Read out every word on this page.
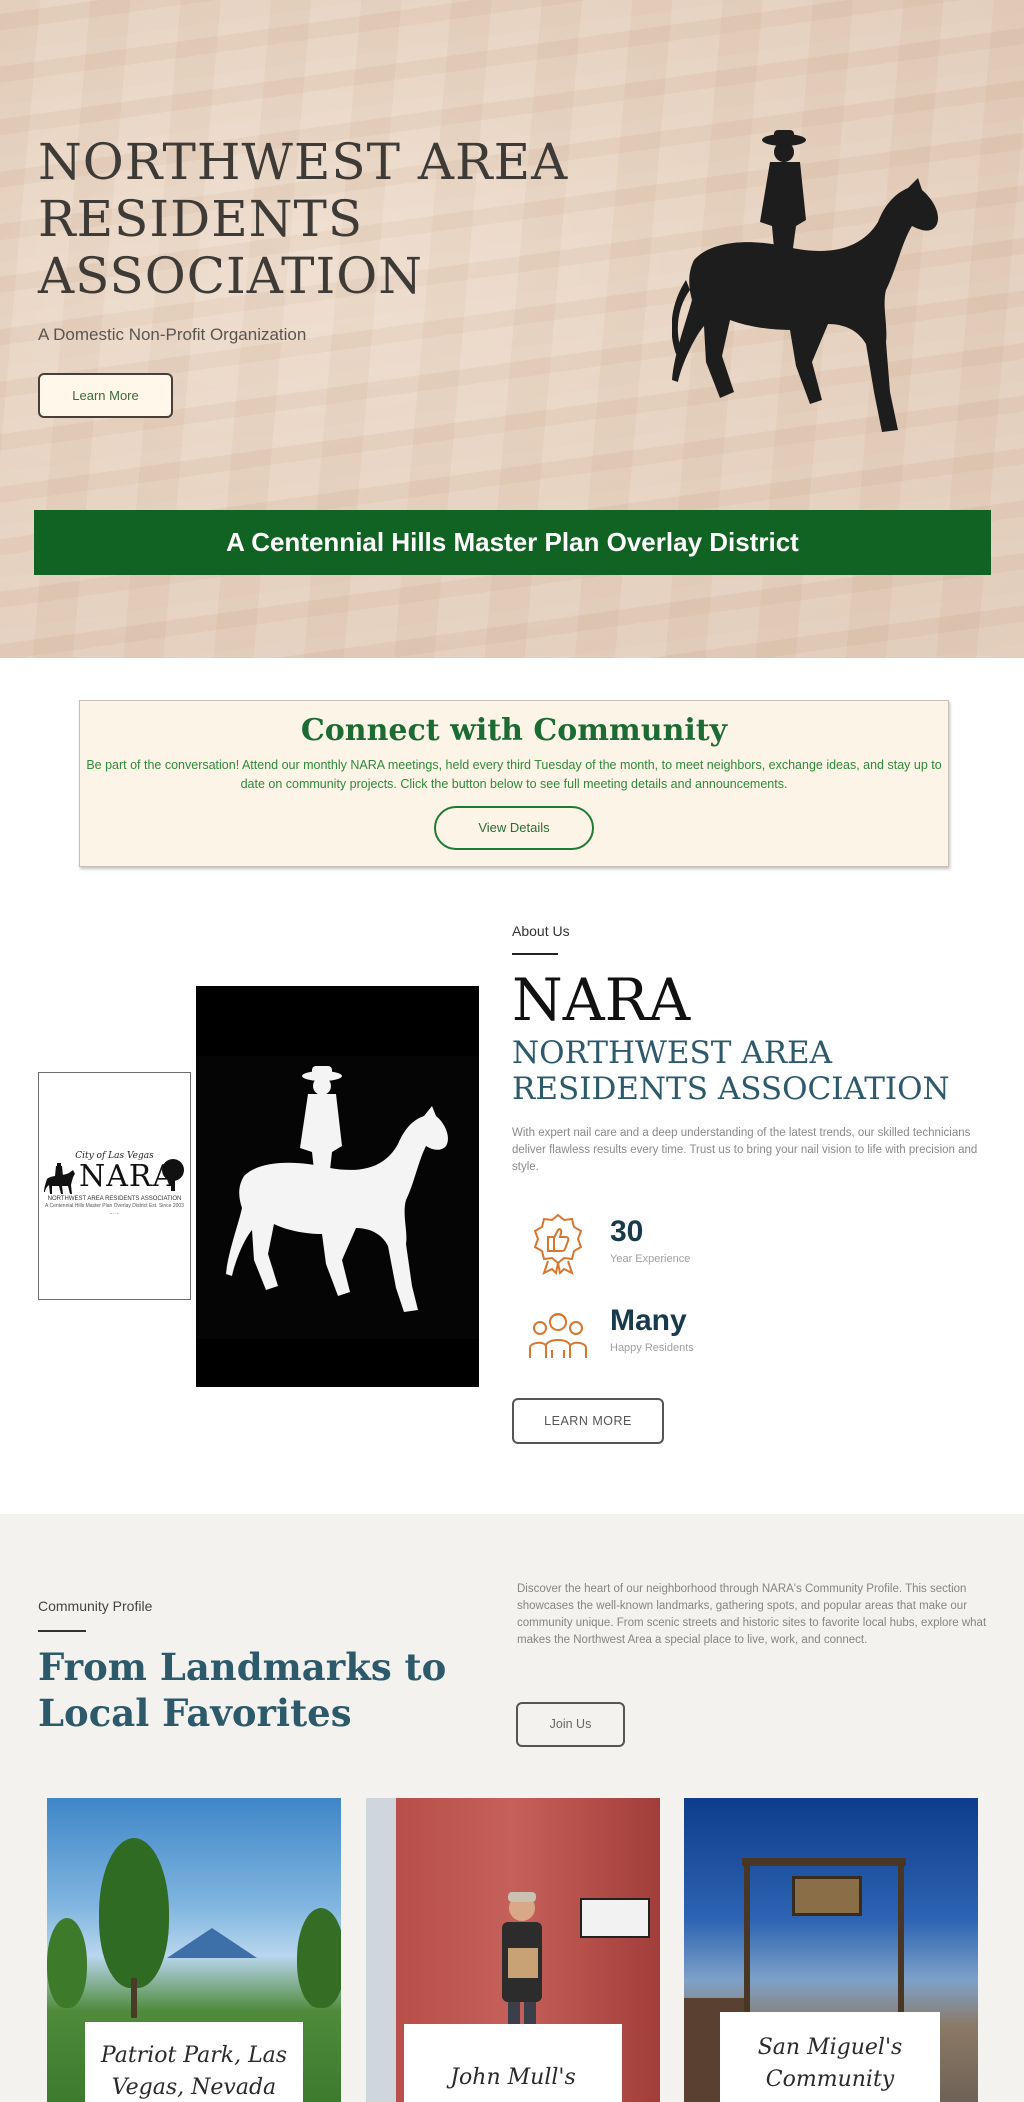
NORTHWEST AREA RESIDENTS ASSOCIATION

A Domestic Non-Profit Organization

Learn More
A Centennial Hills Master Plan Overlay District
Connect with Community

Be part of the conversation! Attend our monthly NARA meetings, held every third Tuesday of the month, to meet neighbors, exchange ideas, and stay up to date on community projects. Click the button below to see full meeting details and announcements.

View Details
City of Las Vegas
NARA
NORTHWEST AREA RESIDENTS ASSOCIATION
A Centennial Hills Master Plan Overlay District Est. Since 2003 ... ...
About Us
NARA
NORTHWEST AREA RESIDENTS ASSOCIATION

With expert nail care and a deep understanding of the latest trends, our skilled technicians deliver flawless results every time. Trust us to bring your nail vision to life with precision and style.

30
Year Experience
Many
Happy Residents
LEARN MORE
Community Profile
From Landmarks to Local Favorites

Discover the heart of our neighborhood through NARA's Community Profile. This section showcases the well-known landmarks, gathering spots, and popular areas that make our community unique. From scenic streets and historic sites to favorite local hubs, explore what makes the Northwest Area a special place to live, work, and connect.

Join Us
Patriot Park, Las Vegas, Nevada	John Mull's
San Miguel's Community
